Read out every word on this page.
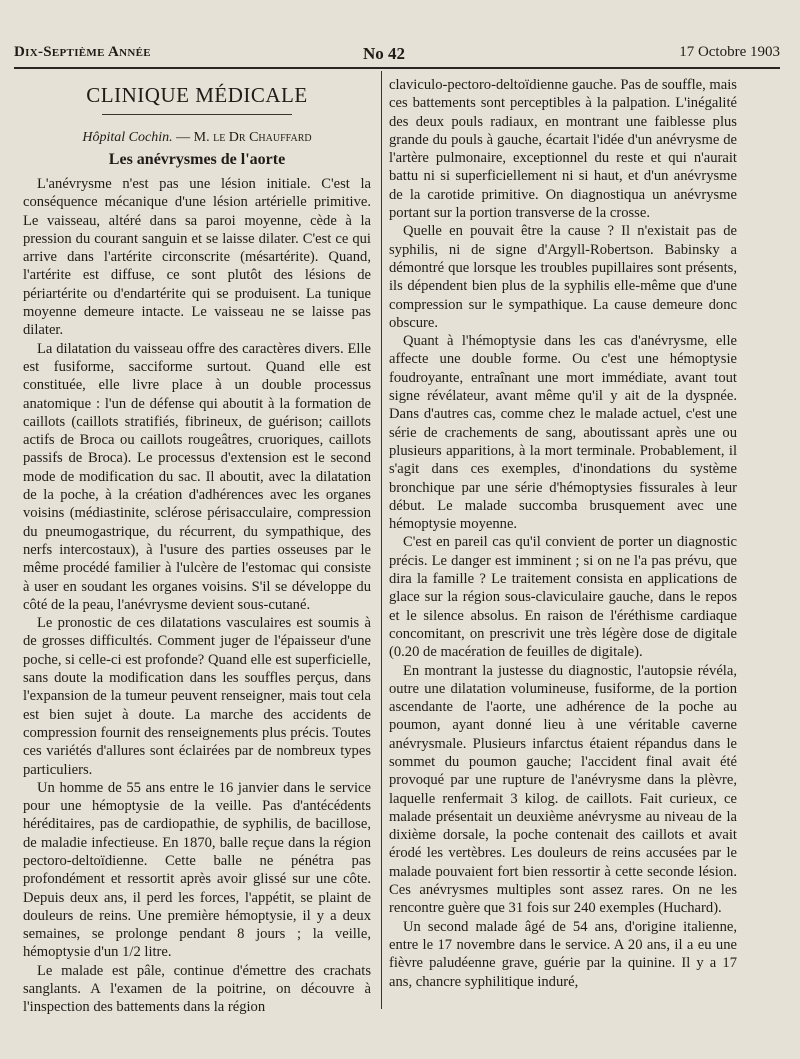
Dix-Septième Année	No 42	17 Octobre 1903
CLINIQUE MÉDICALE
Hôpital Cochin. — M. le Dr Chauffard
Les anévrysmes de l'aorte

L'anévrysme n'est pas une lésion initiale. C'est la conséquence mécanique d'une lésion artérielle primitive. Le vaisseau, altéré dans sa paroi moyenne, cède à la pression du courant sanguin et se laisse dilater. C'est ce qui arrive dans l'artérite circonscrite (mésartérite). Quand, l'artérite est diffuse, ce sont plutôt des lésions de périartérite ou d'endartérite qui se produisent. La tunique moyenne demeure intacte. Le vaisseau ne se laisse pas dilater.

La dilatation du vaisseau offre des caractères divers. Elle est fusiforme, sacciforme surtout. Quand elle est constituée, elle livre place à un double processus anatomique : l'un de défense qui aboutit à la formation de caillots (caillots stratifiés, fibrineux, de guérison; caillots actifs de Broca ou caillots rougeâtres, cruoriques, caillots passifs de Broca). Le processus d'extension est le second mode de modification du sac. Il aboutit, avec la dilatation de la poche, à la création d'adhérences avec les organes voisins (médiastinite, sclérose périsacculaire, compression du pneumogastrique, du récurrent, du sympathique, des nerfs intercostaux), à l'usure des parties osseuses par le même procédé familier à l'ulcère de l'estomac qui consiste à user en soudant les organes voisins. S'il se développe du côté de la peau, l'anévrysme devient sous-cutané.

Le pronostic de ces dilatations vasculaires est soumis à de grosses difficultés. Comment juger de l'épaisseur d'une poche, si celle-ci est profonde? Quand elle est superficielle, sans doute la modification dans les souffles perçus, dans l'expansion de la tumeur peuvent renseigner, mais tout cela est bien sujet à doute. La marche des accidents de compression fournit des renseignements plus précis. Toutes ces variétés d'allures sont éclairées par de nombreux types particuliers.

Un homme de 55 ans entre le 16 janvier dans le service pour une hémoptysie de la veille. Pas d'antécédents héréditaires, pas de cardiopathie, de syphilis, de bacillose, de maladie infectieuse. En 1870, balle reçue dans la région pectoro-deltoïdienne. Cette balle ne pénétra pas profondément et ressortit après avoir glissé sur une côte. Depuis deux ans, il perd les forces, l'appétit, se plaint de douleurs de reins. Une première hémoptysie, il y a deux semaines, se prolonge pendant 8 jours ; la veille, hémoptysie d'un 1/2 litre.

Le malade est pâle, continue d'émettre des crachats sanglants. A l'examen de la poitrine, on découvre à l'inspection des battements dans la région

claviculo-pectoro-deltoïdienne gauche. Pas de souffle, mais ces battements sont perceptibles à la palpation. L'inégalité des deux pouls radiaux, en montrant une faiblesse plus grande du pouls à gauche, écartait l'idée d'un anévrysme de l'artère pulmonaire, exceptionnel du reste et qui n'aurait battu ni si superficiellement ni si haut, et d'un anévrysme de la carotide primitive. On diagnostiqua un anévrysme portant sur la portion transverse de la crosse.

Quelle en pouvait être la cause ? Il n'existait pas de syphilis, ni de signe d'Argyll-Robertson. Babinsky a démontré que lorsque les troubles pupillaires sont présents, ils dépendent bien plus de la syphilis elle-même que d'une compression sur le sympathique. La cause demeure donc obscure.

Quant à l'hémoptysie dans les cas d'anévrysme, elle affecte une double forme. Ou c'est une hémoptysie foudroyante, entraînant une mort immédiate, avant tout signe révélateur, avant même qu'il y ait de la dyspnée. Dans d'autres cas, comme chez le malade actuel, c'est une série de crachements de sang, aboutissant après une ou plusieurs apparitions, à la mort terminale. Probablement, il s'agit dans ces exemples, d'inondations du système bronchique par une série d'hémoptysies fissurales à leur début. Le malade succomba brusquement avec une hémoptysie moyenne.

C'est en pareil cas qu'il convient de porter un diagnostic précis. Le danger est imminent ; si on ne l'a pas prévu, que dira la famille ? Le traitement consista en applications de glace sur la région sous-claviculaire gauche, dans le repos et le silence absolus. En raison de l'éréthisme cardiaque concomitant, on prescrivit une très légère dose de digitale (0.20 de macération de feuilles de digitale).

En montrant la justesse du diagnostic, l'autopsie révéla, outre une dilatation volumineuse, fusiforme, de la portion ascendante de l'aorte, une adhérence de la poche au poumon, ayant donné lieu à une véritable caverne anévrysmale. Plusieurs infarctus étaient répandus dans le sommet du poumon gauche; l'accident final avait été provoqué par une rupture de l'anévrysme dans la plèvre, laquelle renfermait 3 kilog. de caillots. Fait curieux, ce malade présentait un deuxième anévrysme au niveau de la dixième dorsale, la poche contenait des caillots et avait érodé les vertèbres. Les douleurs de reins accusées par le malade pouvaient fort bien ressortir à cette seconde lésion. Ces anévrysmes multiples sont assez rares. On ne les rencontre guère que 31 fois sur 240 exemples (Huchard).

Un second malade âgé de 54 ans, d'origine italienne, entre le 17 novembre dans le service. A 20 ans, il a eu une fièvre paludéenne grave, guérie par la quinine. Il y a 17 ans, chancre syphilitique induré,
